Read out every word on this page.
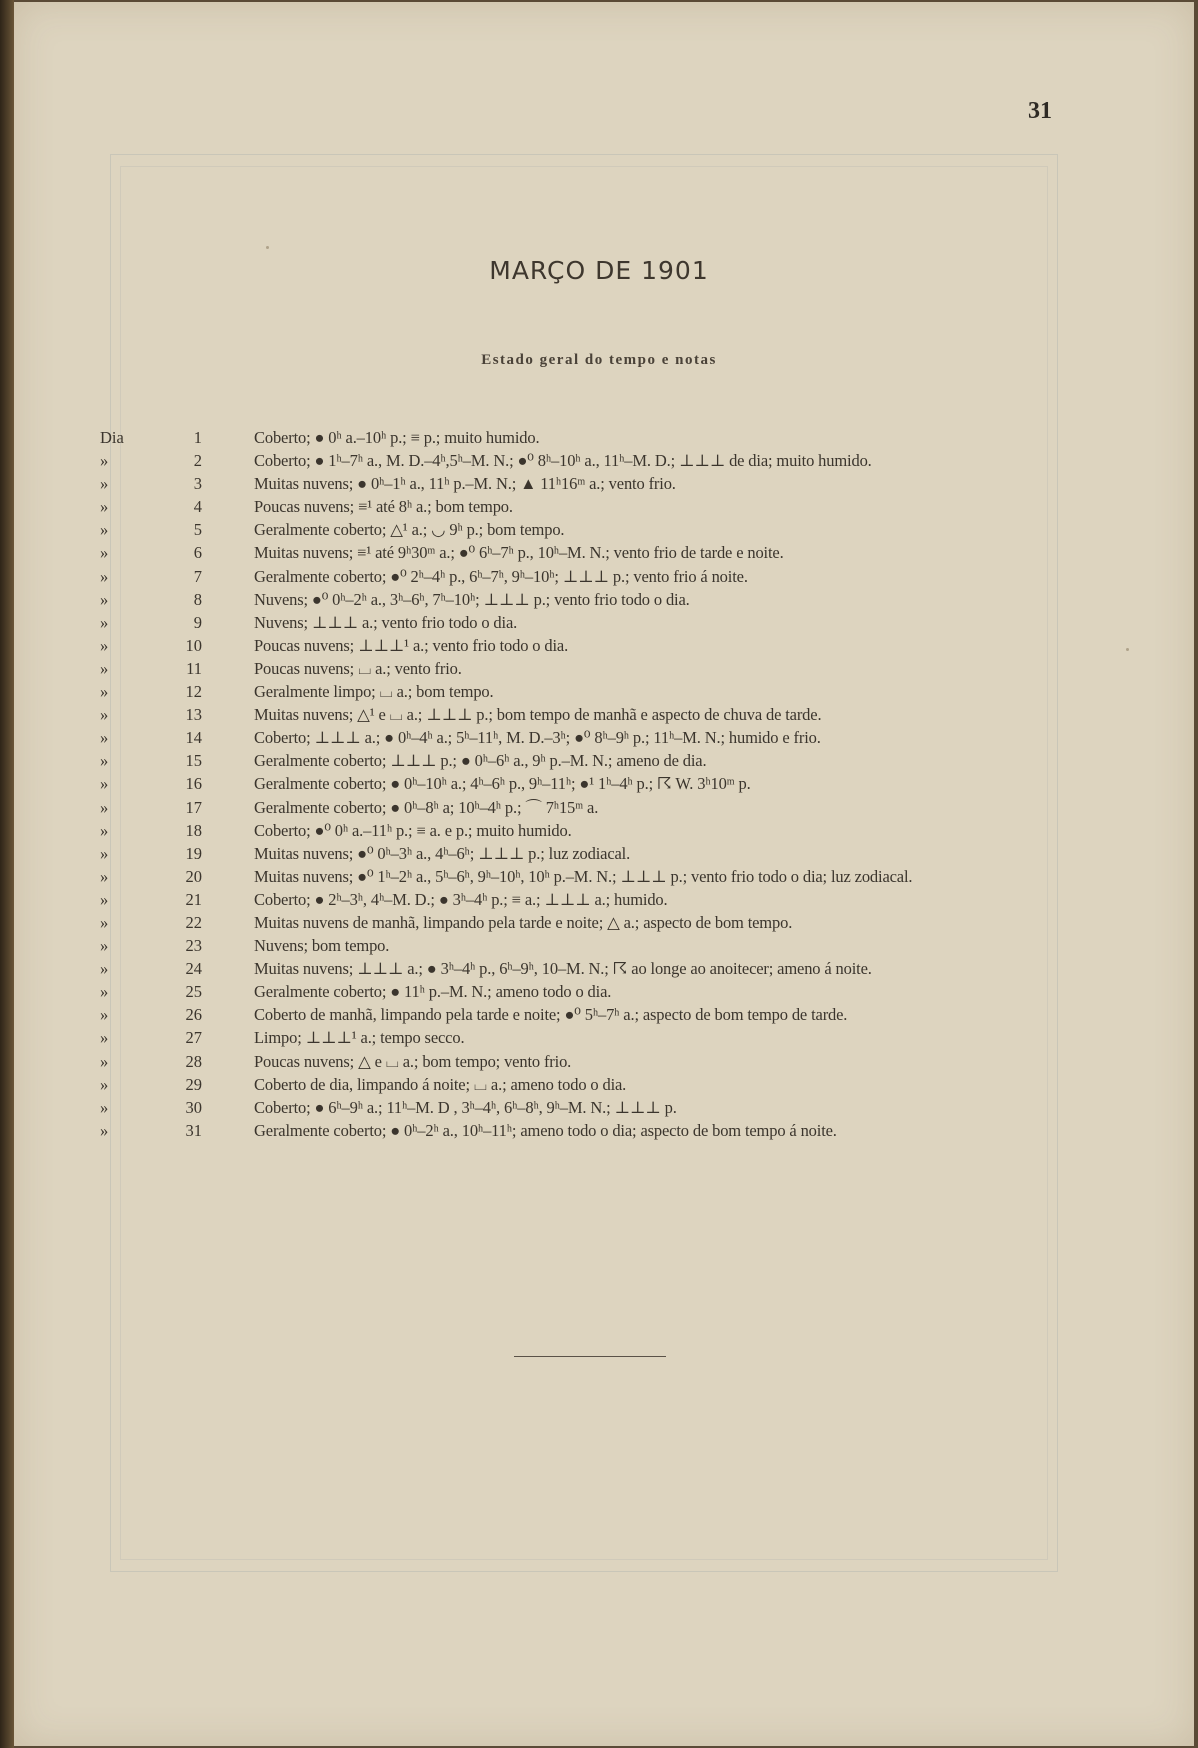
31
MARÇO DE 1901
Estado geral do tempo e notas
Dia	1	Coberto; ● 0ʰ a.–10ʰ p.; ≡ p.; muito humido.
»	2	Coberto; ● 1ʰ–7ʰ a., M. D.–4ʰ,5ʰ–M. N.; ●⁰ 8ʰ–10ʰ a., 11ʰ–M. D.; ⊥⊥⊥ de dia; muito humido.
»	3	Muitas nuvens; ● 0ʰ–1ʰ a., 11ʰ p.–M. N.; ▲ 11ʰ16ᵐ a.; vento frio.
»	4	Poucas nuvens; ≡¹ até 8ʰ a.; bom tempo.
»	5	Geralmente coberto; △¹ a.; ◡ 9ʰ p.; bom tempo.
»	6	Muitas nuvens; ≡¹ até 9ʰ30ᵐ a.; ●⁰ 6ʰ–7ʰ p., 10ʰ–M. N.; vento frio de tarde e noite.
»	7	Geralmente coberto; ●⁰ 2ʰ–4ʰ p., 6ʰ–7ʰ, 9ʰ–10ʰ; ⊥⊥⊥ p.; vento frio á noite.
»	8	Nuvens; ●⁰ 0ʰ–2ʰ a., 3ʰ–6ʰ, 7ʰ–10ʰ; ⊥⊥⊥ p.; vento frio todo o dia.
»	9	Nuvens; ⊥⊥⊥ a.; vento frio todo o dia.
»	10	Poucas nuvens; ⊥⊥⊥¹ a.; vento frio todo o dia.
»	11	Poucas nuvens; ⌴ a.; vento frio.
»	12	Geralmente limpo; ⌴ a.; bom tempo.
»	13	Muitas nuvens; △¹ e ⌴ a.; ⊥⊥⊥ p.; bom tempo de manhã e aspecto de chuva de tarde.
»	14	Coberto; ⊥⊥⊥ a.; ● 0ʰ–4ʰ a.; 5ʰ–11ʰ, M. D.–3ʰ; ●⁰ 8ʰ–9ʰ p.; 11ʰ–M. N.; humido e frio.
»	15	Geralmente coberto; ⊥⊥⊥ p.; ● 0ʰ–6ʰ a., 9ʰ p.–M. N.; ameno de dia.
»	16	Geralmente coberto; ● 0ʰ–10ʰ a.; 4ʰ–6ʰ p., 9ʰ–11ʰ; ●¹ 1ʰ–4ʰ p.; ☈ W. 3ʰ10ᵐ p.
»	17	Geralmente coberto; ● 0ʰ–8ʰ a; 10ʰ–4ʰ p.; ⌒ 7ʰ15ᵐ a.
»	18	Coberto; ●⁰ 0ʰ a.–11ʰ p.; ≡ a. e p.; muito humido.
»	19	Muitas nuvens; ●⁰ 0ʰ–3ʰ a., 4ʰ–6ʰ; ⊥⊥⊥ p.; luz zodiacal.
»	20	Muitas nuvens; ●⁰ 1ʰ–2ʰ a., 5ʰ–6ʰ, 9ʰ–10ʰ, 10ʰ p.–M. N.; ⊥⊥⊥ p.; vento frio todo o dia; luz zodiacal.
»	21	Coberto; ● 2ʰ–3ʰ, 4ʰ–M. D.; ● 3ʰ–4ʰ p.; ≡ a.; ⊥⊥⊥ a.; humido.
»	22	Muitas nuvens de manhã, limpando pela tarde e noite; △ a.; aspecto de bom tempo.
»	23	Nuvens; bom tempo.
»	24	Muitas nuvens; ⊥⊥⊥ a.; ● 3ʰ–4ʰ p., 6ʰ–9ʰ, 10–M. N.; ☈ ao longe ao anoitecer; ameno á noite.
»	25	Geralmente coberto; ● 11ʰ p.–M. N.; ameno todo o dia.
»	26	Coberto de manhã, limpando pela tarde e noite; ●⁰ 5ʰ–7ʰ a.; aspecto de bom tempo de tarde.
»	27	Limpo; ⊥⊥⊥¹ a.; tempo secco.
»	28	Poucas nuvens; △ e ⌴ a.; bom tempo; vento frio.
»	29	Coberto de dia, limpando á noite; ⌴ a.; ameno todo o dia.
»	30	Coberto; ● 6ʰ–9ʰ a.; 11ʰ–M. D , 3ʰ–4ʰ, 6ʰ–8ʰ, 9ʰ–M. N.; ⊥⊥⊥ p.
»	31	Geralmente coberto; ● 0ʰ–2ʰ a., 10ʰ–11ʰ; ameno todo o dia; aspecto de bom tempo á noite.
